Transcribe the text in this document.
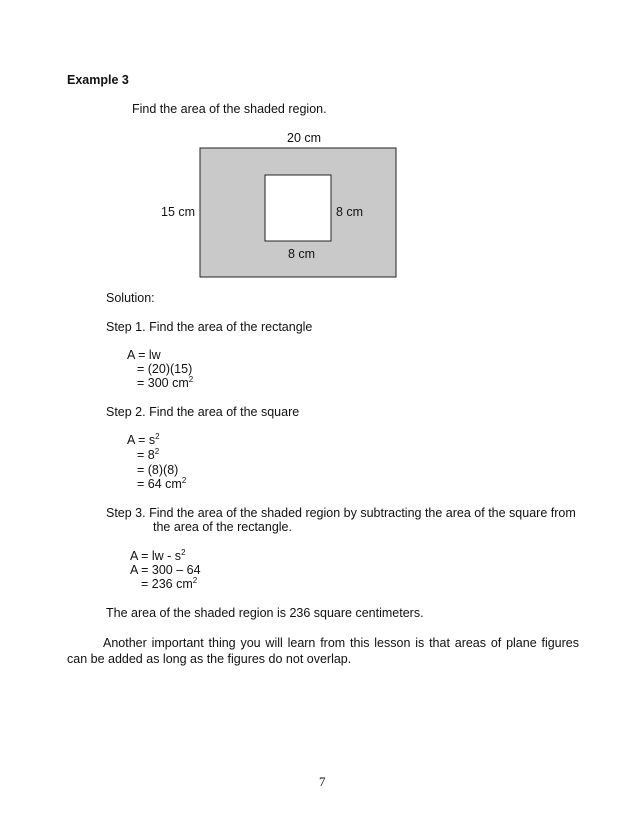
Example 3
Find the area of the shaded region.
20 cm
15 cm	8 cm
8 cm
Solution:
Step 1. Find the area of the rectangle
A = lw
= (20)(15)
= 300 $cm^2$
Step 2. Find the area of the square
$A = s^2$
= $8^2$
= (8)(8)
= 64 $cm^2$
Step 3. Find the area of the shaded region by subtracting the area of the square from
the area of the rectangle.
A = lw - $s^2$
A = 300 – 64
= 236 $cm^2$
The area of the shaded region is 236 square centimeters.
Another important thing you will learn from this lesson is that areas of plane figures can be added as long as the figures do not overlap.
7
